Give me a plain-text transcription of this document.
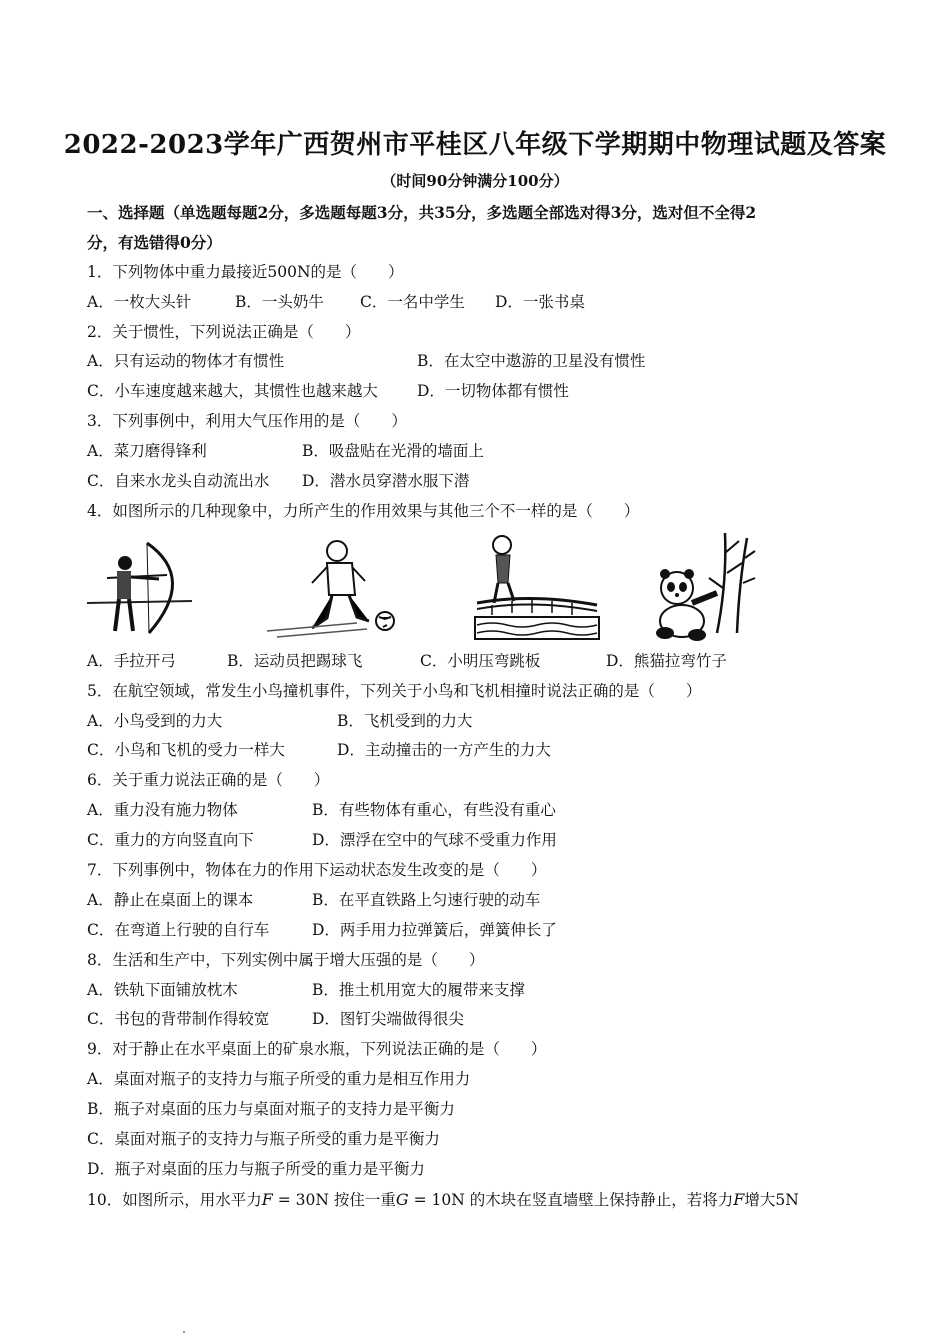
2022-2023学年广西贺州市平桂区八年级下学期期中物理试题及答案
（时间90分钟满分100分）
一、选择题（单选题每题2分，多选题每题3分，共35分，多选题全部选对得3分，选对但不全得2
分，有选错得0分）
1．下列物体中重力最接近500N的是（　　）
A．一枚大头针	B．一头奶牛	C．一名中学生	D．一张书桌
2．关于惯性，下列说法正确是（　　）
A．只有运动的物体才有惯性	B．在太空中遨游的卫星没有惯性
C．小车速度越来越大，其惯性也越来越大	D．一切物体都有惯性
3．下列事例中，利用大气压作用的是（　　）
A．菜刀磨得锋利	B．吸盘贴在光滑的墙面上
C．自来水龙头自动流出水	D．潜水员穿潜水服下潜
4．如图所示的几种现象中，力所产生的作用效果与其他三个不一样的是（　　）
A．手拉开弓	B．运动员把踢球飞	C．小明压弯跳板	D．熊猫拉弯竹子
5．在航空领域，常发生小鸟撞机事件，下列关于小鸟和飞机相撞时说法正确的是（　　）
A．小鸟受到的力大	B．飞机受到的力大
C．小鸟和飞机的受力一样大	D．主动撞击的一方产生的力大
6．关于重力说法正确的是（　　）
A．重力没有施力物体	B．有些物体有重心，有些没有重心
C．重力的方向竖直向下	D．漂浮在空中的气球不受重力作用
7．下列事例中，物体在力的作用下运动状态发生改变的是（　　）
A．静止在桌面上的课本	B．在平直铁路上匀速行驶的动车
C．在弯道上行驶的自行车	D．两手用力拉弹簧后，弹簧伸长了
8．生活和生产中，下列实例中属于增大压强的是（　　）
A．铁轨下面铺放枕木	B．推土机用宽大的履带来支撑
C．书包的背带制作得较宽	D．图钉尖端做得很尖
9．对于静止在水平桌面上的矿泉水瓶，下列说法正确的是（　　）
A．桌面对瓶子的支持力与瓶子所受的重力是相互作用力
B．瓶子对桌面的压力与桌面对瓶子的支持力是平衡力
C．桌面对瓶子的支持力与瓶子所受的重力是平衡力
D．瓶子对桌面的压力与瓶子所受的重力是平衡力
10．如图所示，用水平力F = 30N 按住一重G = 10N 的木块在竖直墙壁上保持静止，若将力F增大5N
